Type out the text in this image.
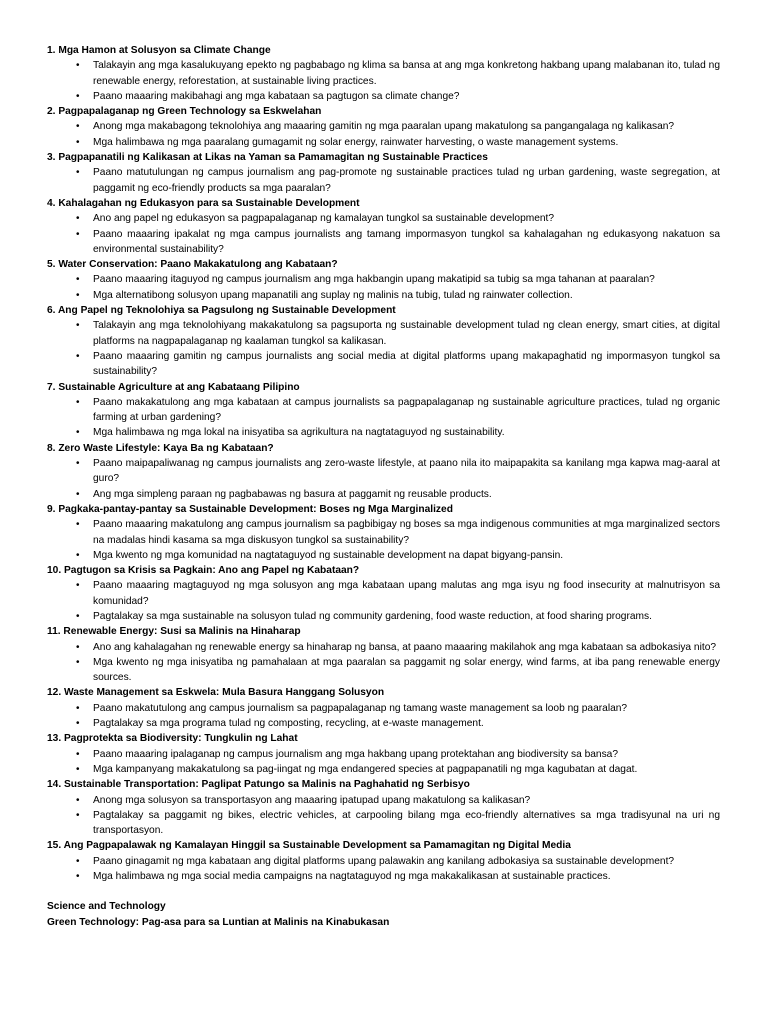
1. Mga Hamon at Solusyon sa Climate Change
• Talakayin ang mga kasalukuyang epekto ng pagbabago ng klima sa bansa at ang mga konkretong hakbang upang malabanan ito, tulad ng renewable energy, reforestation, at sustainable living practices.
• Paano maaaring makibahagi ang mga kabataan sa pagtugon sa climate change?
2. Pagpapalaganap ng Green Technology sa Eskwelahan
• Anong mga makabagong teknolohiya ang maaaring gamitin ng mga paaralan upang makatulong sa pangangalaga ng kalikasan?
• Mga halimbawa ng mga paaralang gumagamit ng solar energy, rainwater harvesting, o waste management systems.
3. Pagpapanatili ng Kalikasan at Likas na Yaman sa Pamamagitan ng Sustainable Practices
• Paano matutulungan ng campus journalism ang pag-promote ng sustainable practices tulad ng urban gardening, waste segregation, at paggamit ng eco-friendly products sa mga paaralan?
4. Kahalagahan ng Edukasyon para sa Sustainable Development
• Ano ang papel ng edukasyon sa pagpapalaganap ng kamalayan tungkol sa sustainable development?
• Paano maaaring ipakalat ng mga campus journalists ang tamang impormasyon tungkol sa kahalagahan ng edukasyong nakatuon sa environmental sustainability?
5. Water Conservation: Paano Makakatulong ang Kabataan?
• Paano maaaring itaguyod ng campus journalism ang mga hakbangin upang makatipid sa tubig sa mga tahanan at paaralan?
• Mga alternatibong solusyon upang mapanatili ang suplay ng malinis na tubig, tulad ng rainwater collection.
6. Ang Papel ng Teknolohiya sa Pagsulong ng Sustainable Development
• Talakayin ang mga teknolohiyang makakatulong sa pagsuporta ng sustainable development tulad ng clean energy, smart cities, at digital platforms na nagpapalaganap ng kaalaman tungkol sa kalikasan.
• Paano maaaring gamitin ng campus journalists ang social media at digital platforms upang makapaghatid ng impormasyon tungkol sa sustainability?
7. Sustainable Agriculture at ang Kabataang Pilipino
• Paano makakatulong ang mga kabataan at campus journalists sa pagpapalaganap ng sustainable agriculture practices, tulad ng organic farming at urban gardening?
• Mga halimbawa ng mga lokal na inisyatiba sa agrikultura na nagtataguyod ng sustainability.
8. Zero Waste Lifestyle: Kaya Ba ng Kabataan?
• Paano maipapaliwanag ng campus journalists ang zero-waste lifestyle, at paano nila ito maipapakita sa kanilang mga kapwa mag-aaral at guro?
• Ang mga simpleng paraan ng pagbabawas ng basura at paggamit ng reusable products.
9. Pagkaka-pantay-pantay sa Sustainable Development: Boses ng Mga Marginalized
• Paano maaaring makatulong ang campus journalism sa pagbibigay ng boses sa mga indigenous communities at mga marginalized sectors na madalas hindi kasama sa mga diskusyon tungkol sa sustainability?
• Mga kwento ng mga komunidad na nagtataguyod ng sustainable development na dapat bigyang-pansin.
10. Pagtugon sa Krisis sa Pagkain: Ano ang Papel ng Kabataan?
• Paano maaaring magtaguyod ng mga solusyon ang mga kabataan upang malutas ang mga isyu ng food insecurity at malnutrisyon sa komunidad?
• Pagtalakay sa mga sustainable na solusyon tulad ng community gardening, food waste reduction, at food sharing programs.
11. Renewable Energy: Susi sa Malinis na Hinaharap
• Ano ang kahalagahan ng renewable energy sa hinaharap ng bansa, at paano maaaring makilahok ang mga kabataan sa adbokasiya nito?
• Mga kwento ng mga inisyatiba ng pamahalaan at mga paaralan sa paggamit ng solar energy, wind farms, at iba pang renewable energy sources.
12. Waste Management sa Eskwela: Mula Basura Hanggang Solusyon
• Paano makatutulong ang campus journalism sa pagpapalaganap ng tamang waste management sa loob ng paaralan?
• Pagtalakay sa mga programa tulad ng composting, recycling, at e-waste management.
13. Pagprotekta sa Biodiversity: Tungkulin ng Lahat
• Paano maaaring ipalaganap ng campus journalism ang mga hakbang upang protektahan ang biodiversity sa bansa?
• Mga kampanyang makakatulong sa pag-iingat ng mga endangered species at pagpapanatili ng mga kagubatan at dagat.
14. Sustainable Transportation: Paglipat Patungo sa Malinis na Paghahatid ng Serbisyo
• Anong mga solusyon sa transportasyon ang maaaring ipatupad upang makatulong sa kalikasan?
• Pagtalakay sa paggamit ng bikes, electric vehicles, at carpooling bilang mga eco-friendly alternatives sa mga tradisyunal na uri ng transportasyon.
15. Ang Pagpapalawak ng Kamalayan Hinggil sa Sustainable Development sa Pamamagitan ng Digital Media
• Paano ginagamit ng mga kabataan ang digital platforms upang palawakin ang kanilang adbokasiya sa sustainable development?
• Mga halimbawa ng mga social media campaigns na nagtataguyod ng mga makakalikasan at sustainable practices.
Science and Technology
Green Technology: Pag-asa para sa Luntian at Malinis na Kinabukasan
